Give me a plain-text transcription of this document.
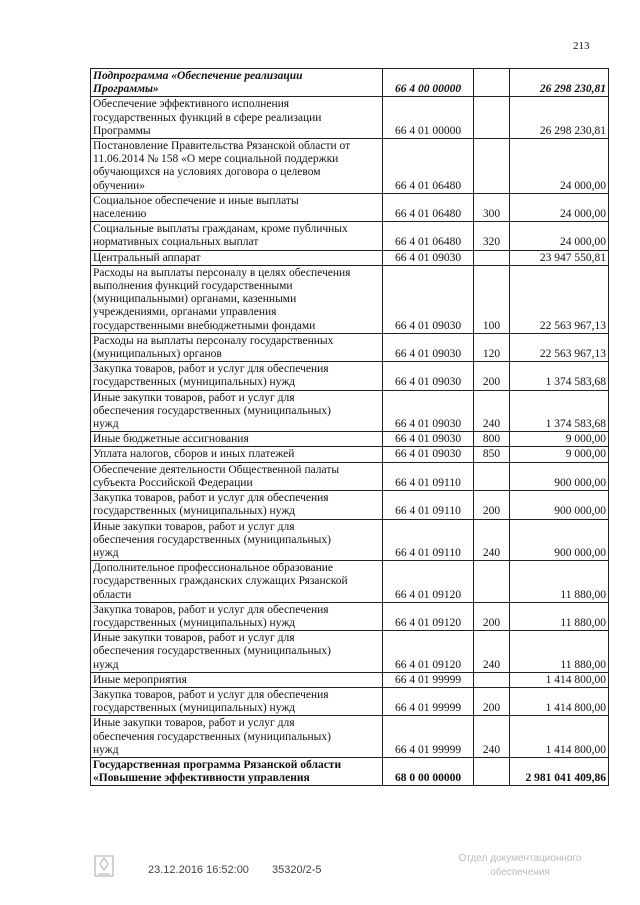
213
Подпрограмма «Обеспечение реализации
Программы»	66 4 00 00000		26 298 230,81

Обеспечение эффективного исполнения
государственных функций в сфере реализации
Программы	66 4 01 00000		26 298 230,81

Постановление Правительства Рязанской области от
11.06.2014 № 158 «О мере социальной поддержки
обучающихся на условиях договора о целевом
обучении»	66 4 01 06480		24 000,00

Социальное обеспечение и иные выплаты
населению	66 4 01 06480	300	24 000,00

Социальные выплаты гражданам, кроме публичных
нормативных социальных выплат	66 4 01 06480	320	24 000,00

Центральный аппарат	66 4 01 09030		23 947 550,81

Расходы на выплаты персоналу в целях обеспечения
выполнения функций государственными
(муниципальными) органами, казенными
учреждениями, органами управления
государственными внебюджетными фондами	66 4 01 09030	100	22 563 967,13

Расходы на выплаты персоналу государственных
(муниципальных) органов	66 4 01 09030	120	22 563 967,13

Закупка товаров, работ и услуг для обеспечения
государственных (муниципальных) нужд	66 4 01 09030	200	1 374 583,68

Иные закупки товаров, работ и услуг для
обеспечения государственных (муниципальных)
нужд	66 4 01 09030	240	1 374 583,68

Иные бюджетные ассигнования	66 4 01 09030	800	9 000,00

Уплата налогов, сборов и иных платежей	66 4 01 09030	850	9 000,00

Обеспечение деятельности Общественной палаты
субъекта Российской Федерации	66 4 01 09110		900 000,00

Закупка товаров, работ и услуг для обеспечения
государственных (муниципальных) нужд	66 4 01 09110	200	900 000,00

Иные закупки товаров, работ и услуг для
обеспечения государственных (муниципальных)
нужд	66 4 01 09110	240	900 000,00

Дополнительное профессиональное образование
государственных гражданских служащих Рязанской
области	66 4 01 09120		11 880,00

Закупка товаров, работ и услуг для обеспечения
государственных (муниципальных) нужд	66 4 01 09120	200	11 880,00

Иные закупки товаров, работ и услуг для
обеспечения государственных (муниципальных)
нужд	66 4 01 09120	240	11 880,00

Иные мероприятия	66 4 01 99999		1 414 800,00

Закупка товаров, работ и услуг для обеспечения
государственных (муниципальных) нужд	66 4 01 99999	200	1 414 800,00

Иные закупки товаров, работ и услуг для
обеспечения государственных (муниципальных)
нужд	66 4 01 99999	240	1 414 800,00

Государственная программа Рязанской области
«Повышение эффективности управления	68 0 00 00000		2 981 041 409,86
23.12.2016 16:52:00 35320/2-5
Отдел документационного
обеспечения
